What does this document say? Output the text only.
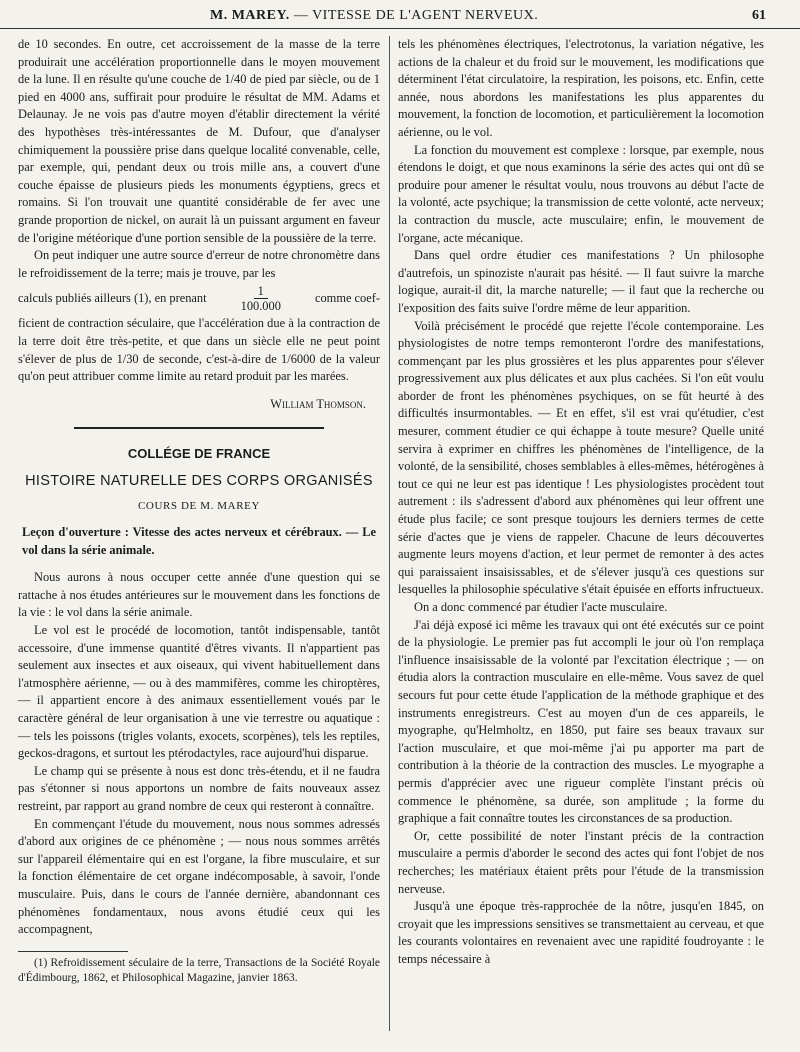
M. MAREY. — VITESSE DE L'AGENT NERVEUX.	61

de 10 secondes. En outre, cet accroissement de la masse de la terre produirait une accélération proportionnelle dans le moyen mouvement de la lune. Il en résulte qu'une couche de 1/40 de pied par siècle, ou de 1 pied en 4000 ans, suffirait pour produire le résultat de MM. Adams et Delaunay. Je ne vois pas d'autre moyen d'établir directement la vérité des hypothèses très-intéressantes de M. Dufour, que d'analyser chimiquement la poussière prise dans quelque localité convenable, celle, par exemple, qui, pendant deux ou trois mille ans, a couvert d'une couche épaisse de plusieurs pieds les monuments égyptiens, grecs et romains. Si l'on trouvait une quantité considérable de fer avec une grande proportion de nickel, on aurait là un puissant argument en faveur de l'origine météorique d'une portion sensible de la poussière de la terre.

On peut indiquer une autre source d'erreur de notre chronomètre dans le refroidissement de la terre; mais je trouve, par les

calculs publiés ailleurs (1), en prenant	$\frac{1}{100.000}$	comme coef-

ficient de contraction séculaire, que l'accélération due à la contraction de la terre doit être très-petite, et que dans un siècle elle ne peut point s'élever de plus de 1/30 de seconde, c'est-à-dire de 1/6000 de la valeur qu'on peut attribuer comme limite au retard produit par les marées.

William Thomson.
COLLÉGE DE FRANCE
HISTOIRE NATURELLE DES CORPS ORGANISÉS
COURS DE M. MAREY

Leçon d'ouverture : Vitesse des actes nerveux et cérébraux. — Le vol dans la série animale.

Nous aurons à nous occuper cette année d'une question qui se rattache à nos études antérieures sur le mouvement dans les fonctions de la vie : le vol dans la série animale.

Le vol est le procédé de locomotion, tantôt indispensable, tantôt accessoire, d'une immense quantité d'êtres vivants. Il n'appartient pas seulement aux insectes et aux oiseaux, qui vivent habituellement dans l'atmosphère aérienne, — ou à des mammifères, comme les chiroptères, — il appartient encore à des animaux essentiellement voués par le caractère général de leur organisation à une vie terrestre ou aquatique : — tels les poissons (trigles volants, exocets, scorpènes), tels les reptiles, geckos-dragons, et surtout les ptérodactyles, race aujourd'hui disparue.

Le champ qui se présente à nous est donc très-étendu, et il ne faudra pas s'étonner si nous apportons un nombre de faits nouveaux assez restreint, par rapport au grand nombre de ceux qui resteront à connaître.

En commençant l'étude du mouvement, nous nous sommes adressés d'abord aux origines de ce phénomène ; — nous nous sommes arrêtés sur l'appareil élémentaire qui en est l'organe, la fibre musculaire, et sur la fonction élémentaire de cet organe indécomposable, à savoir, l'onde musculaire. Puis, dans le cours de l'année dernière, abandonnant ces phénomènes fondamentaux, nous avons étudié ceux qui les accompagnent,

(1) Refroidissement séculaire de la terre, Transactions de la Société Royale d'Édimbourg, 1862, et Philosophical Magazine, janvier 1863.

tels les phénomènes électriques, l'electrotonus, la variation négative, les actions de la chaleur et du froid sur le mouvement, les modifications que déterminent l'état circulatoire, la respiration, les poisons, etc. Enfin, cette année, nous abordons les manifestations les plus apparentes du mouvement, la fonction de locomotion, et particulièrement la locomotion aérienne, ou le vol.

La fonction du mouvement est complexe : lorsque, par exemple, nous étendons le doigt, et que nous examinons la série des actes qui ont dû se produire pour amener le résultat voulu, nous trouvons au début l'acte de la volonté, acte psychique; la transmission de cette volonté, acte nerveux; la contraction du muscle, acte musculaire; enfin, le mouvement de l'organe, acte mécanique.

Dans quel ordre étudier ces manifestations ? Un philosophe d'autrefois, un spinoziste n'aurait pas hésité. — Il faut suivre la marche logique, aurait-il dit, la marche naturelle; — il faut que la recherche ou l'exposition des faits suive l'ordre même de leur apparition.

Voilà précisément le procédé que rejette l'école contemporaine. Les physiologistes de notre temps remonteront l'ordre des manifestations, commençant par les plus grossières et les plus apparentes pour s'élever progressivement aux plus délicates et aux plus cachées. Si l'on eût voulu aborder de front les phénomènes psychiques, on se fût heurté à des difficultés insurmontables. — Et en effet, s'il est vrai qu'étudier, c'est mesurer, comment étudier ce qui échappe à toute mesure? Quelle unité servira à exprimer en chiffres les phénomènes de l'intelligence, de la volonté, de la sensibilité, choses semblables à elles-mêmes, hétérogènes à tout ce qui ne leur est pas identique ! Les physiologistes procèdent tout autrement : ils s'adressent d'abord aux phénomènes qui leur offrent une étude plus facile; ce sont presque toujours les derniers termes de cette série d'actes que je viens de rappeler. Chacune de leurs découvertes augmente leurs moyens d'action, et leur permet de remonter à des actes qui paraissaient insaisissables, et de s'élever jusqu'à ces questions sur lesquelles la philosophie spéculative s'était épuisée en efforts infructueux.

On a donc commencé par étudier l'acte musculaire.

J'ai déjà exposé ici même les travaux qui ont été exécutés sur ce point de la physiologie. Le premier pas fut accompli le jour où l'on remplaça l'influence insaisissable de la volonté par l'excitation électrique ; — on étudia alors la contraction musculaire en elle-même. Vous savez de quel secours fut pour cette étude l'application de la méthode graphique et des instruments enregistreurs. C'est au moyen d'un de ces appareils, le myographe, qu'Helmholtz, en 1850, put faire ses beaux travaux sur l'action musculaire, et que moi-même j'ai pu apporter ma part de contribution à la théorie de la contraction des muscles. Le myographe a permis d'apprécier avec une rigueur complète l'instant précis où commence le phénomène, sa durée, son amplitude ; la forme du graphique a fait connaître toutes les circonstances de sa production.

Or, cette possibilité de noter l'instant précis de la contraction musculaire a permis d'aborder le second des actes qui font l'objet de nos recherches; les matériaux étaient prêts pour l'étude de la transmission nerveuse.

Jusqu'à une époque très-rapprochée de la nôtre, jusqu'en 1845, on croyait que les impressions sensitives se transmettaient au cerveau, et que les courants volontaires en revenaient avec une rapidité foudroyante : le temps nécessaire à
